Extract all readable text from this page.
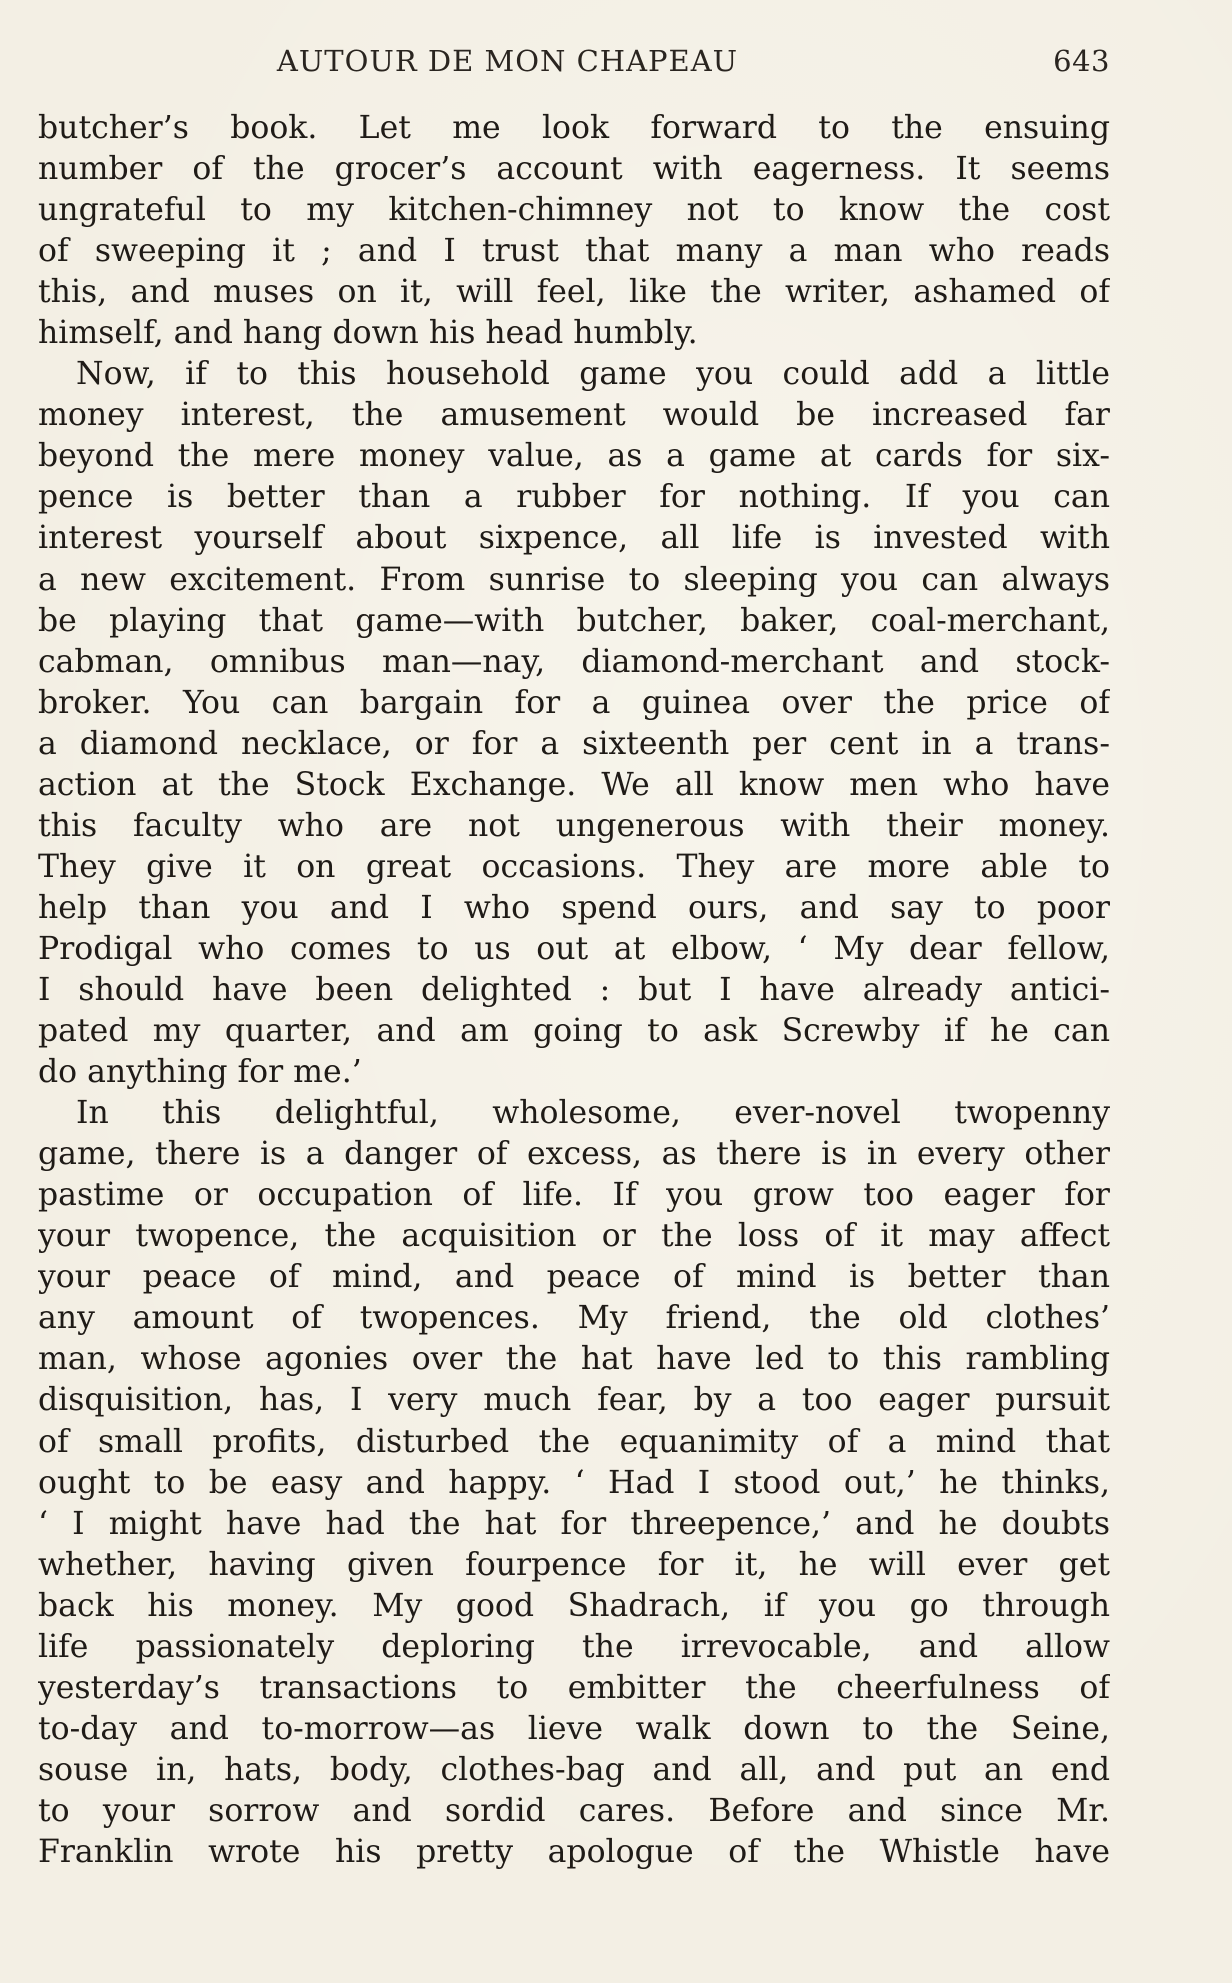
AUTOUR DE MON CHAPEAU	643
butcher’s book. Let me look forward to the ensuing
number of the grocer’s account with eagerness. It seems
ungrateful to my kitchen-chimney not to know the cost
of sweeping it ; and I trust that many a man who reads
this, and muses on it, will feel, like the writer, ashamed of
himself, and hang down his head humbly.
Now, if to this household game you could add a little
money interest, the amusement would be increased far
beyond the mere money value, as a game at cards for six-
pence is better than a rubber for nothing. If you can
interest yourself about sixpence, all life is invested with
a new excitement. From sunrise to sleeping you can always
be playing that game—with butcher, baker, coal-merchant,
cabman, omnibus man—nay, diamond-merchant and stock-
broker. You can bargain for a guinea over the price of
a diamond necklace, or for a sixteenth per cent in a trans-
action at the Stock Exchange. We all know men who have
this faculty who are not ungenerous with their money.
They give it on great occasions. They are more able to
help than you and I who spend ours, and say to poor
Prodigal who comes to us out at elbow, ‘ My dear fellow,
I should have been delighted : but I have already antici-
pated my quarter, and am going to ask Screwby if he can
do anything for me.’
In this delightful, wholesome, ever-novel twopenny
game, there is a danger of excess, as there is in every other
pastime or occupation of life. If you grow too eager for
your twopence, the acquisition or the loss of it may affect
your peace of mind, and peace of mind is better than
any amount of twopences. My friend, the old clothes’
man, whose agonies over the hat have led to this rambling
disquisition, has, I very much fear, by a too eager pursuit
of small profits, disturbed the equanimity of a mind that
ought to be easy and happy. ‘ Had I stood out,’ he thinks,
‘ I might have had the hat for threepence,’ and he doubts
whether, having given fourpence for it, he will ever get
back his money. My good Shadrach, if you go through
life passionately deploring the irrevocable, and allow
yesterday’s transactions to embitter the cheerfulness of
to-day and to-morrow—as lieve walk down to the Seine,
souse in, hats, body, clothes-bag and all, and put an end
to your sorrow and sordid cares. Before and since Mr.
Franklin wrote his pretty apologue of the Whistle have
